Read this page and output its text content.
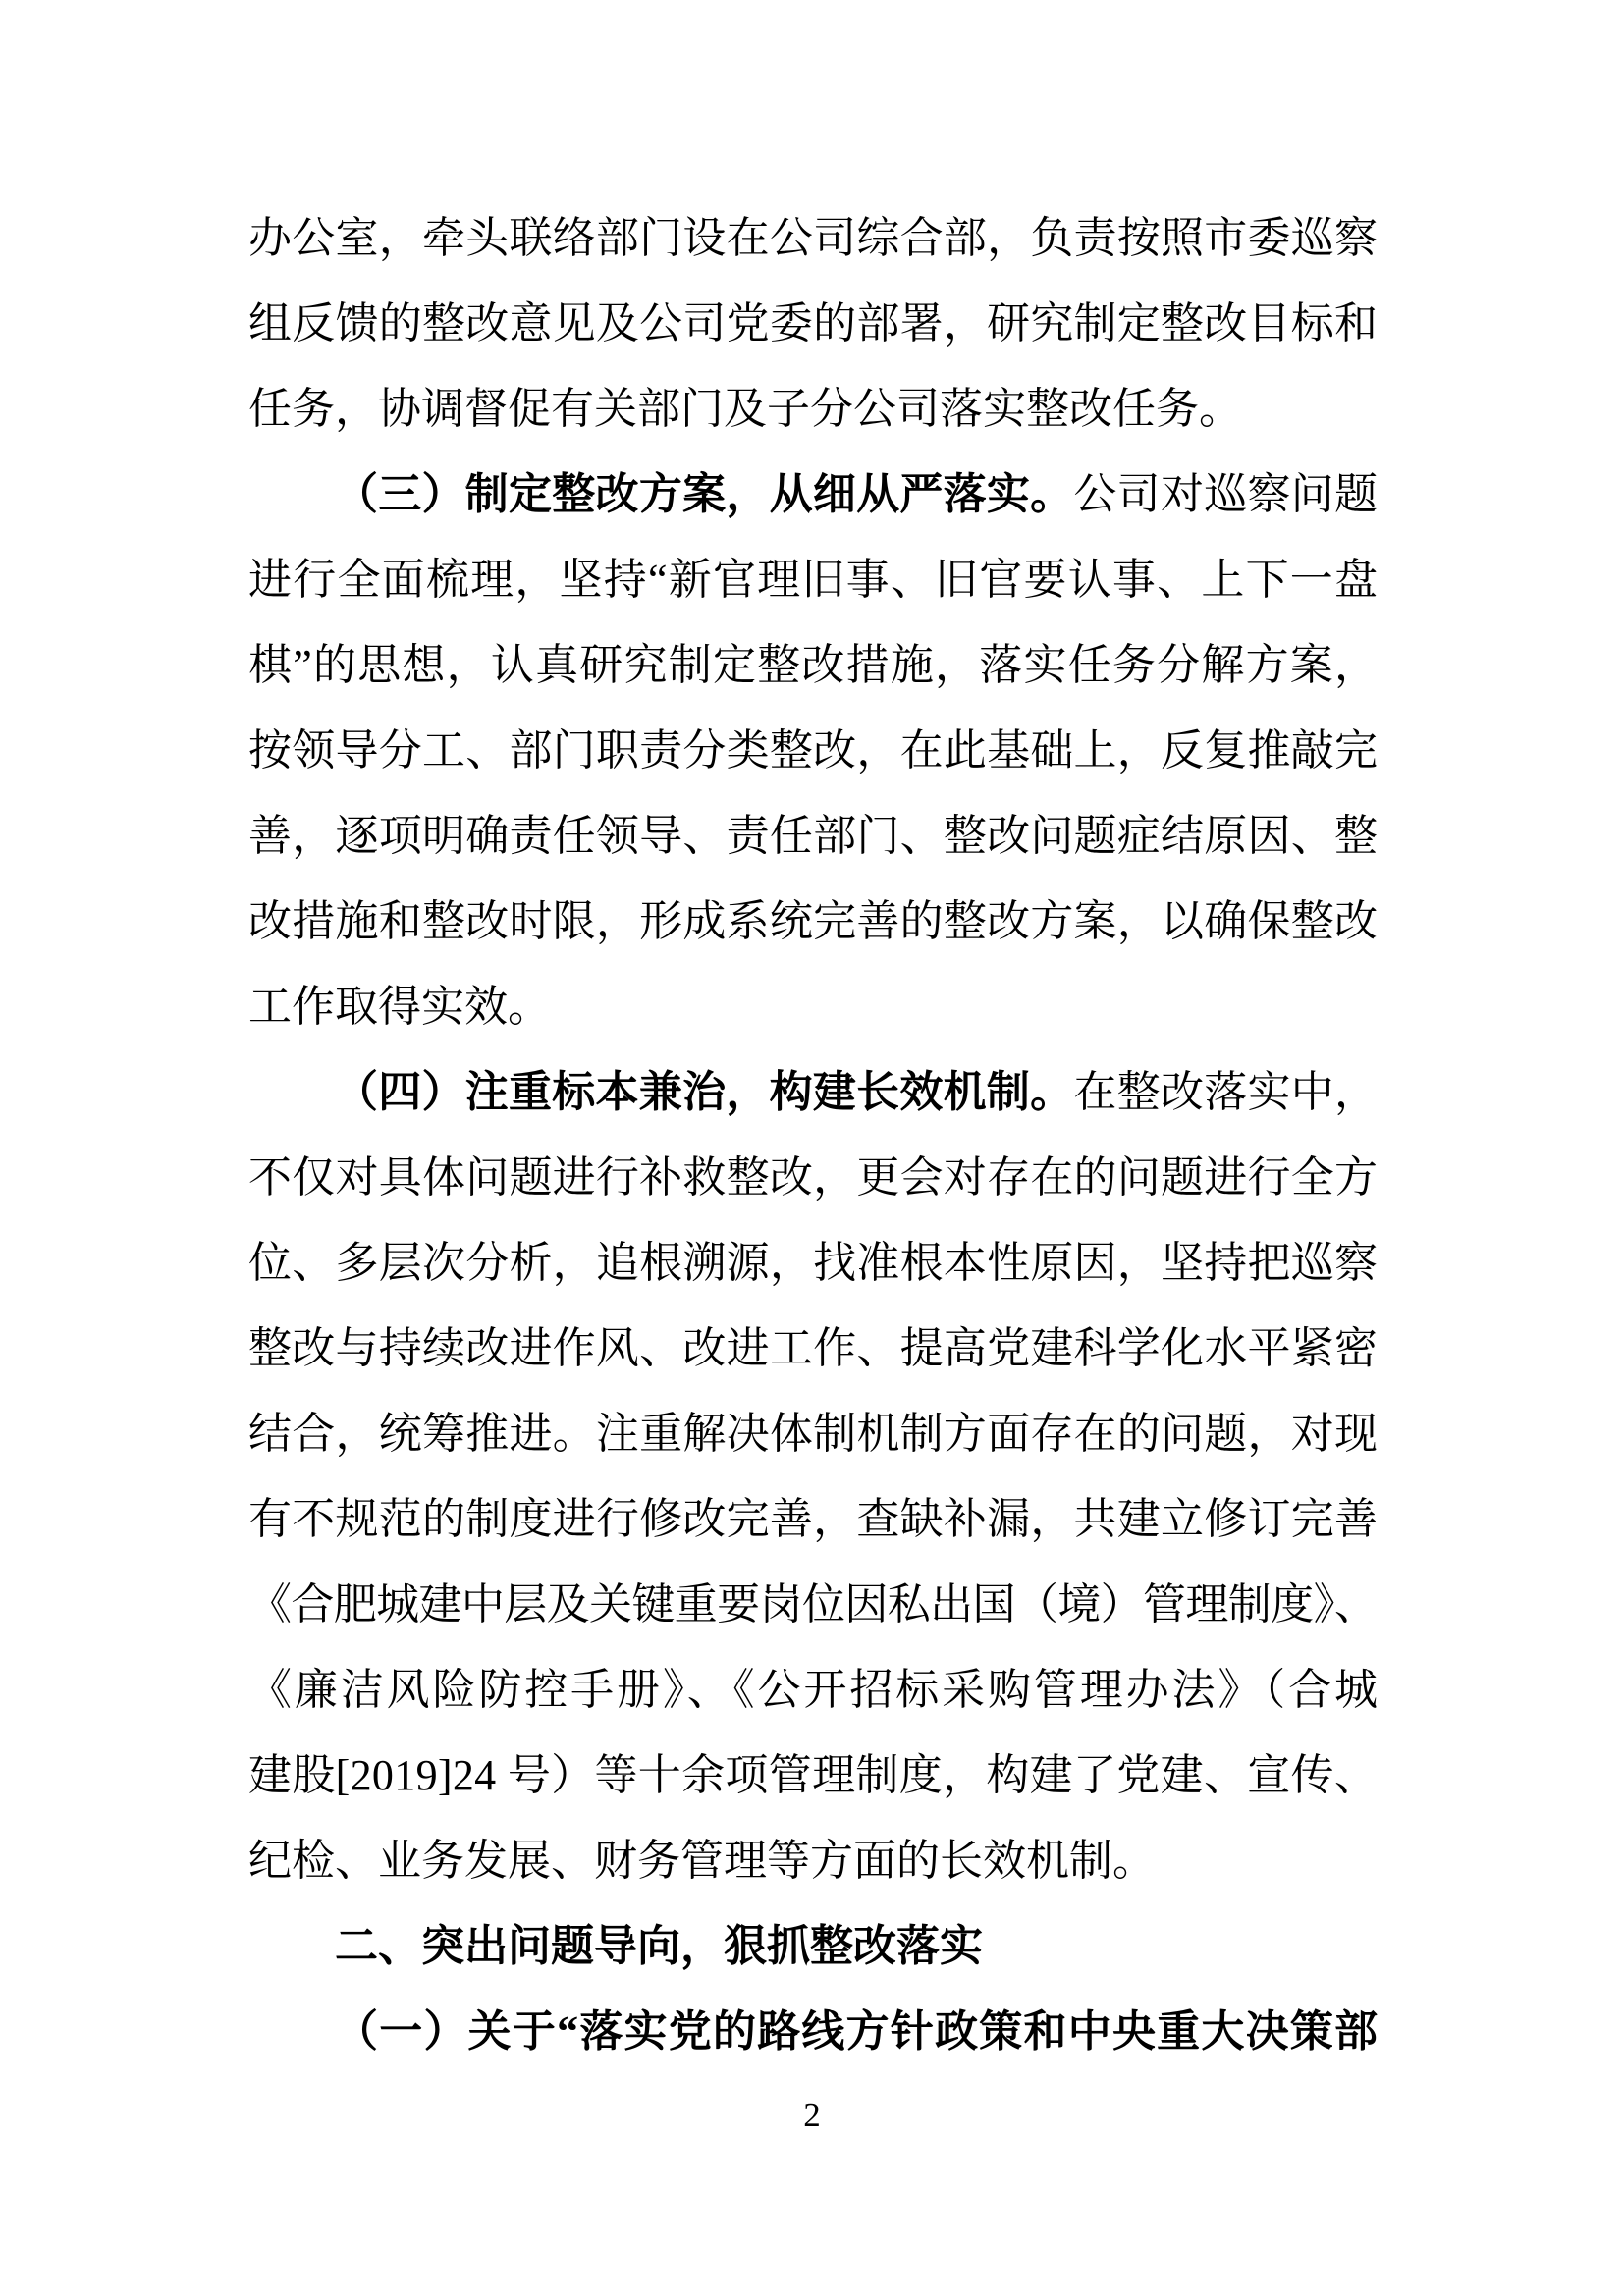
办公室，牵头联络部门设在公司综合部，负责按照市委巡察
组反馈的整改意见及公司党委的部署，研究制定整改目标和
任务，协调督促有关部门及子分公司落实整改任务。
（三）制定整改方案，从细从严落实。公司对巡察问题
进行全面梳理，坚持“新官理旧事、旧官要认事、上下一盘
棋”的思想，认真研究制定整改措施，落实任务分解方案，
按领导分工、部门职责分类整改，在此基础上，反复推敲完
善，逐项明确责任领导、责任部门、整改问题症结原因、整
改措施和整改时限，形成系统完善的整改方案，以确保整改
工作取得实效。
（四）注重标本兼治，构建长效机制。在整改落实中，
不仅对具体问题进行补救整改，更会对存在的问题进行全方
位、多层次分析，追根溯源，找准根本性原因，坚持把巡察
整改与持续改进作风、改进工作、提高党建科学化水平紧密
结合，统筹推进。注重解决体制机制方面存在的问题，对现
有不规范的制度进行修改完善，查缺补漏，共建立修订完善
《合肥城建中层及关键重要岗位因私出国（境）管理制度》、
《廉洁风险防控手册》、《公开招标采购管理办法》（合城
建股[2019]24 号）等十余项管理制度，构建了党建、宣传、
纪检、业务发展、财务管理等方面的长效机制。
二、突出问题导向，狠抓整改落实
（一）关于“落实党的路线方针政策和中央重大决策部
2
